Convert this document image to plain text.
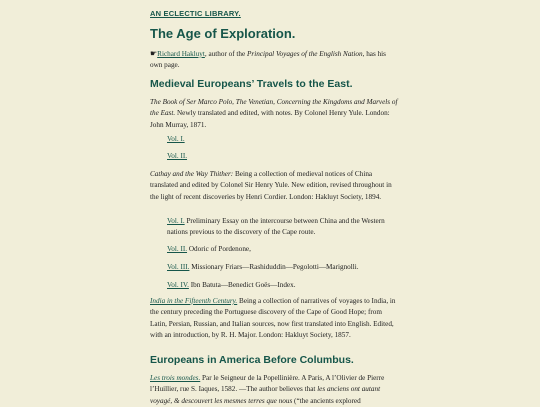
AN ECLECTIC LIBRARY.
The Age of Exploration.

☛Richard Hakluyt, author of the Principal Voyages of the English Nation, has his own page.

Medieval Europeans’ Travels to the East.

The Book of Ser Marco Polo, The Venetian, Concerning the Kingdoms and Marvels of the East. Newly translated and edited, with notes. By Colonel Henry Yule. London: John Murray, 1871.

Vol. I.

Vol. II.

Cathay and the Way Thither: Being a collection of medieval notices of China translated and edited by Colonel Sir Henry Yule. New edition, revised throughout in the light of recent discoveries by Henri Cordier. London: Hakluyt Society, 1894.

Vol. I. Preliminary Essay on the intercourse between China and the Western nations previous to the discovery of the Cape route.

Vol. II. Odoric of Pordenone,

Vol. III. Missionary Friars—Rashiduddin—Pegolotti—Marignolli.

Vol. IV. Ibn Batuta—Benedict Goës—Index.

India in the Fifteenth Century. Being a collection of narratives of voyages to India, in the century preceding the Portuguese discovery of the Cape of Good Hope; from Latin, Persian, Russian, and Italian sources, now first translated into English. Edited, with an introduction, by R. H. Major. London: Hakluyt Society, 1857.

Europeans in America Before Columbus.

Les trois mondes. Par le Seigneur de la Popellinière. A Paris, A l’Olivier de Pierre l’Huillier, rue S. Iaques, 1582. —The author believes that les anciens ont autant voyagé, & descouvert les mesmes terres que nous (“the ancients explored
